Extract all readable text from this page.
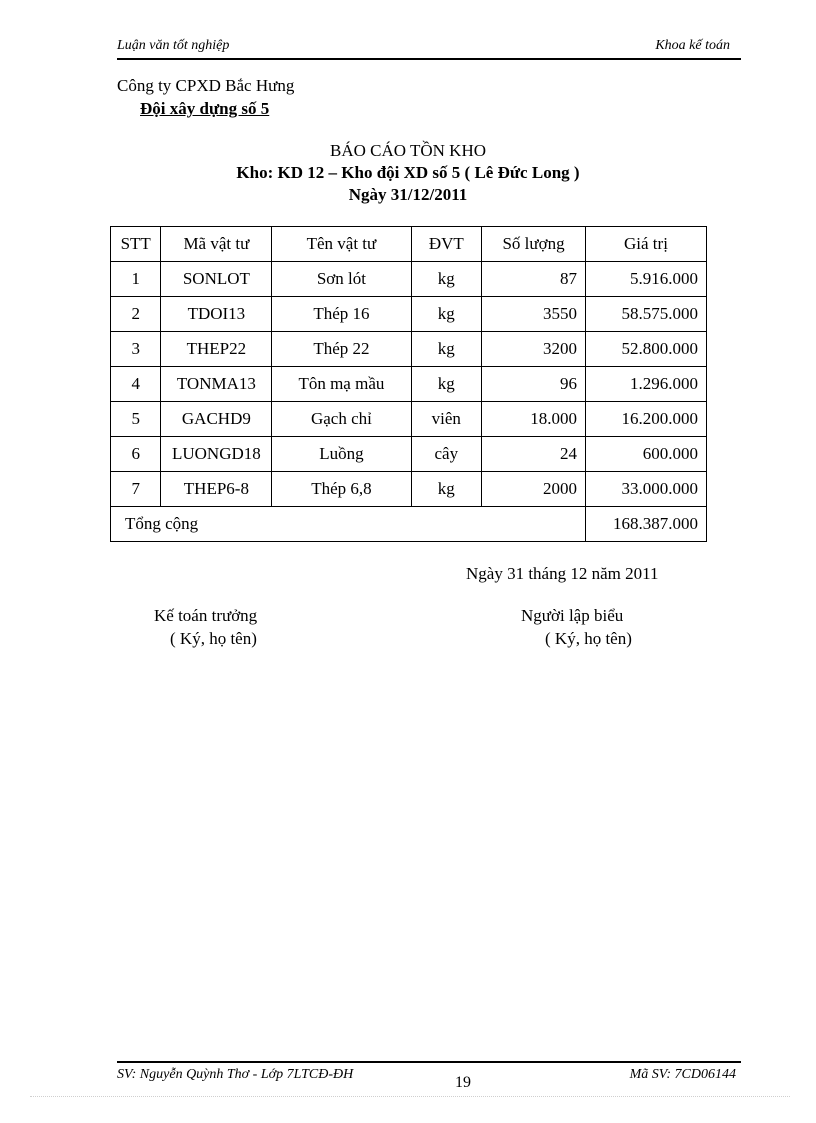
Luận văn tốt nghiệp	Khoa kế toán
Công ty CPXD Bắc Hưng
Đội xây dựng số 5
BÁO CÁO TỒN KHO
Kho: KD 12 – Kho đội XD số 5 ( Lê Đức Long )
Ngày 31/12/2011
STT	Mã vật tư	Tên vật tư	ĐVT	Số lượng	Giá trị
1	SONLOT	Sơn lót	kg	87	5.916.000
2	TDOI13	Thép 16	kg	3550	58.575.000
3	THEP22	Thép 22	kg	3200	52.800.000
4	TONMA13	Tôn mạ mầu	kg	96	1.296.000
5	GACHD9	Gạch chỉ	viên	18.000	16.200.000
6	LUONGD18	Luồng	cây	24	600.000
7	THEP6-8	Thép 6,8	kg	2000	33.000.000
Tổng cộng					168.387.000
Ngày 31 tháng 12 năm 2011
Kế toán trưởng
( Ký, họ tên)
Người lập biểu
( Ký, họ tên)
SV: Nguyễn Quỳnh Thơ - Lớp 7LTCĐ-ĐH	19	Mã SV: 7CD06144
